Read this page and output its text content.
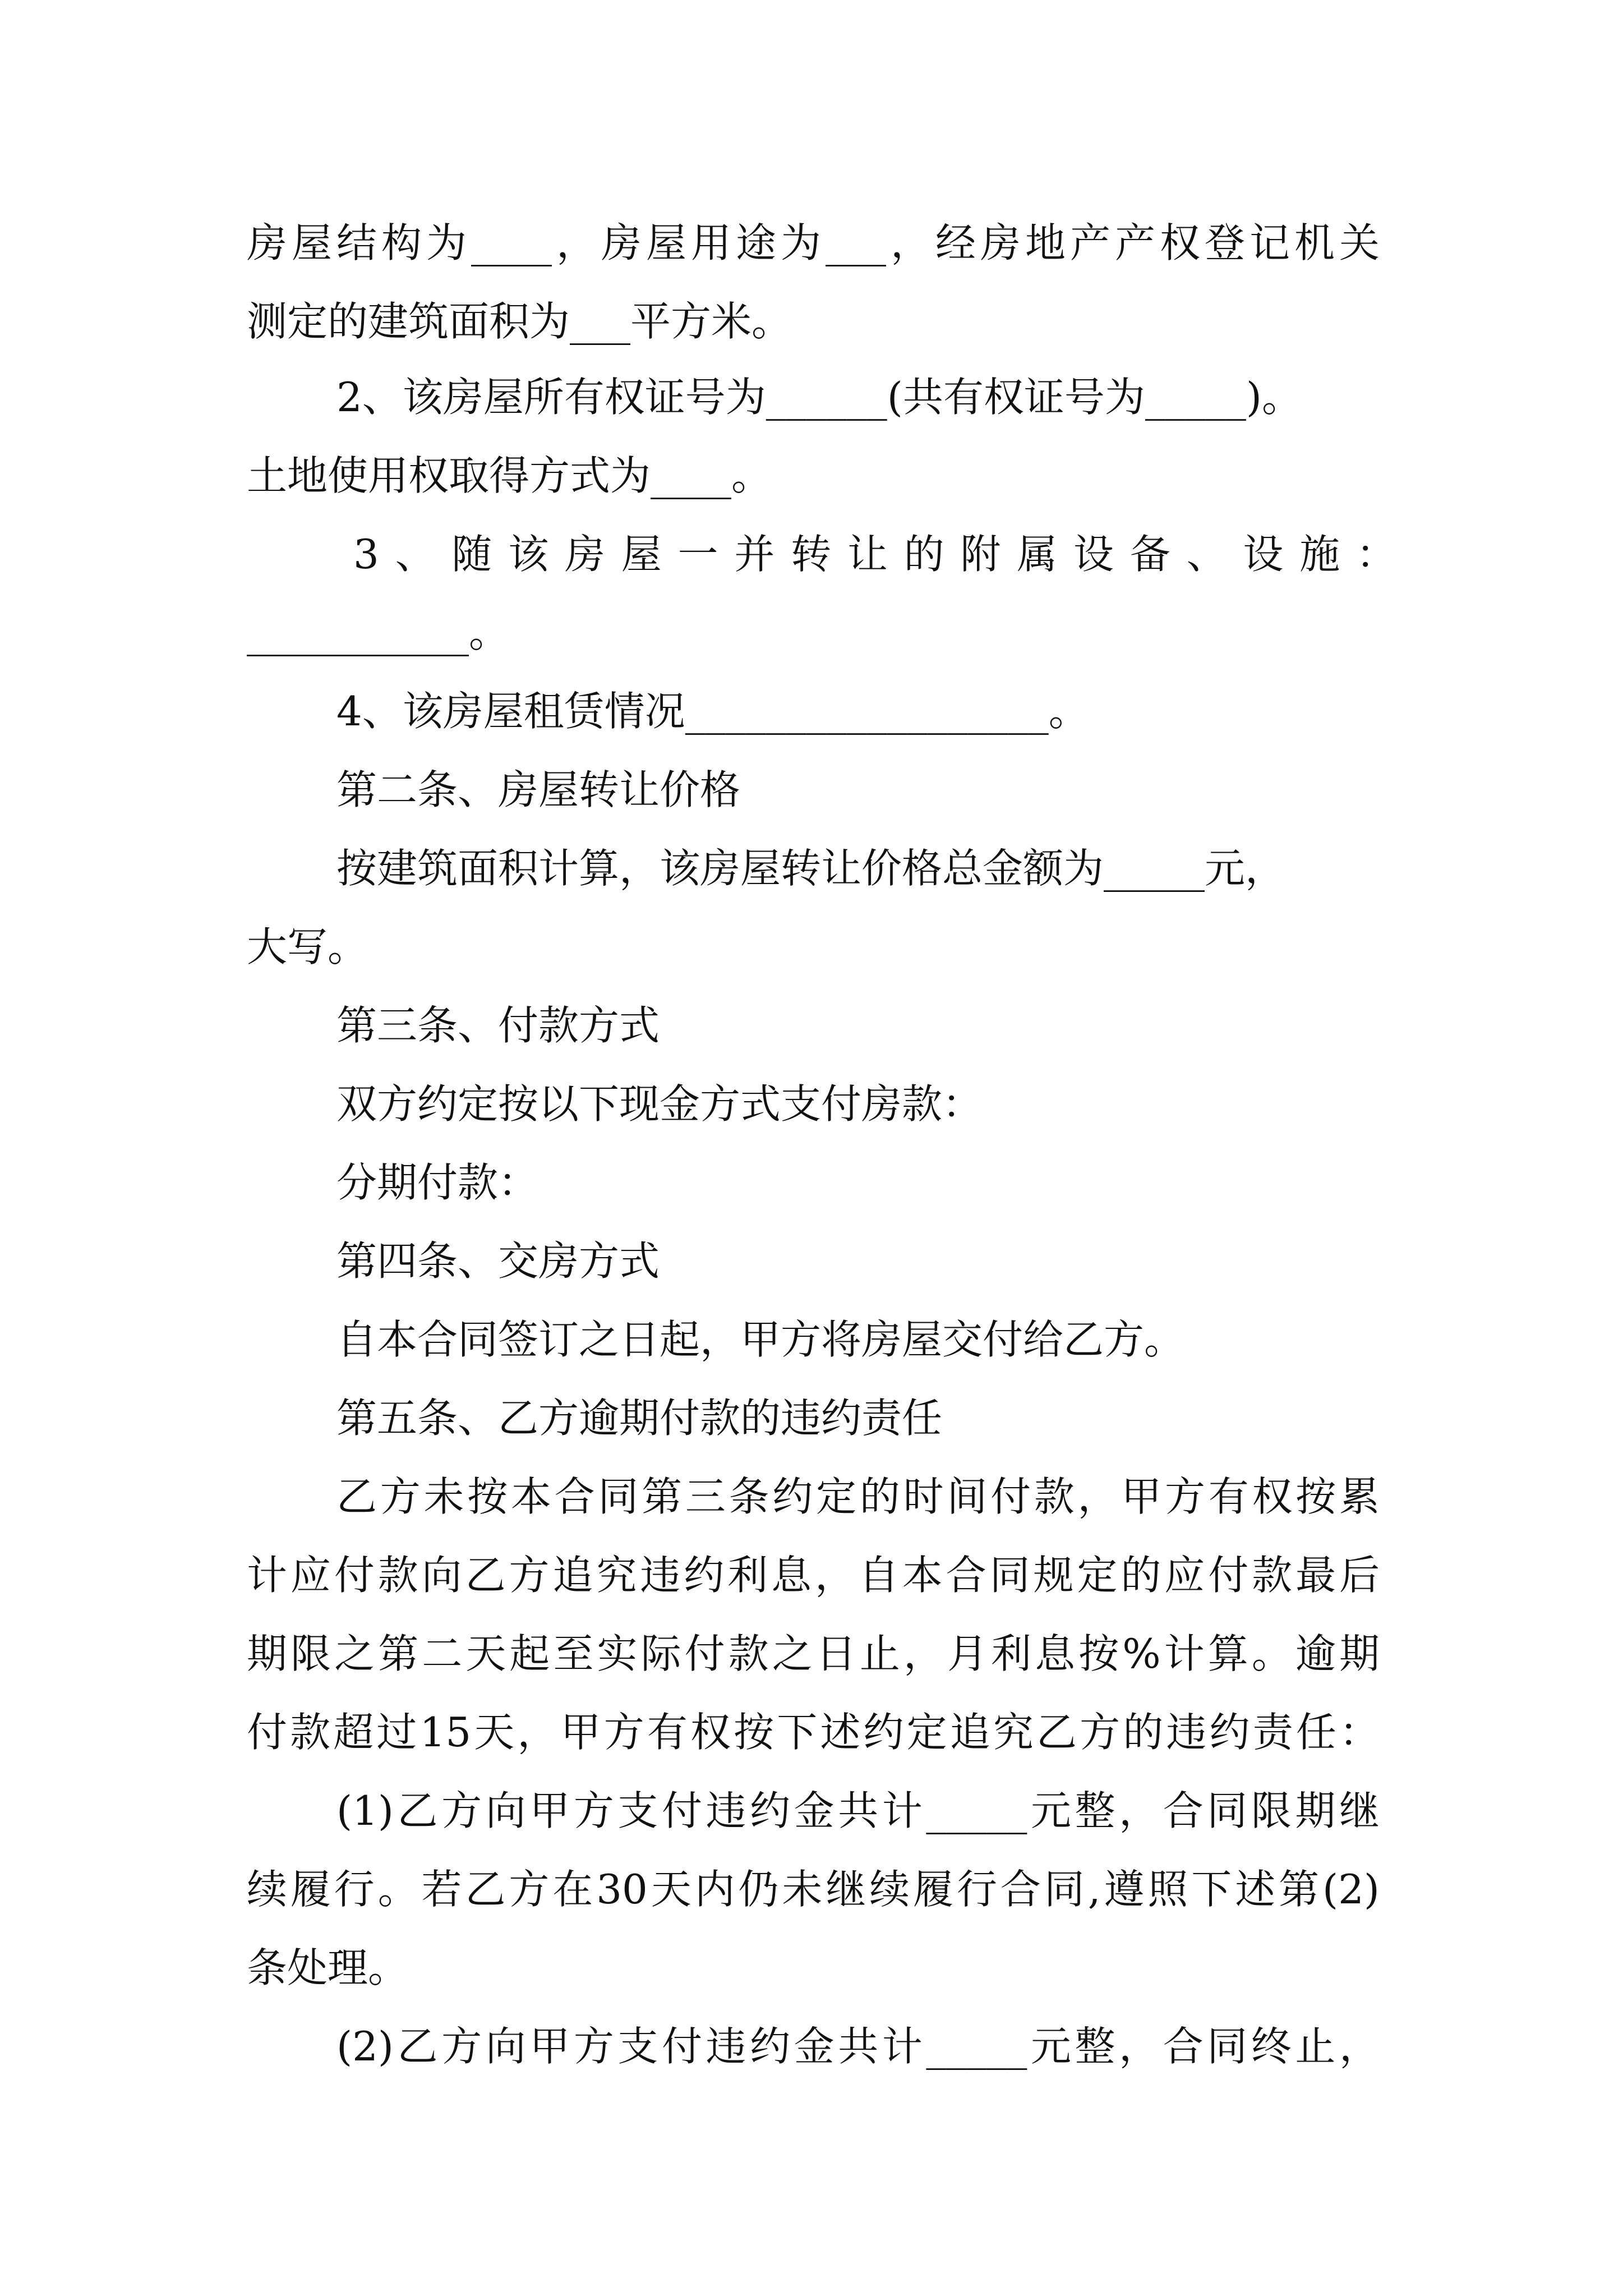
房屋结构为____，房屋用途为___，经房地产产权登记机关
测定的建筑面积为___平方米。
2、该房屋所有权证号为______(共有权证号为_____)。
土地使用权取得方式为____。
3、随该房屋一并转让的附属设备、设施：
___________。
4、该房屋租赁情况__________________。
第二条、房屋转让价格
按建筑面积计算，该房屋转让价格总金额为_____元，
大写。
第三条、付款方式
双方约定按以下现金方式支付房款：
分期付款：
第四条、交房方式
自本合同签订之日起，甲方将房屋交付给乙方。
第五条、乙方逾期付款的违约责任
乙方未按本合同第三条约定的时间付款，甲方有权按累
计应付款向乙方追究违约利息，自本合同规定的应付款最后
期限之第二天起至实际付款之日止，月利息按%计算。逾期
付款超过15天，甲方有权按下述约定追究乙方的违约责任：
(1)乙方向甲方支付违约金共计_____元整，合同限期继
续履行。若乙方在30天内仍未继续履行合同,遵照下述第(2)
条处理。
(2)乙方向甲方支付违约金共计_____元整，合同终止，
